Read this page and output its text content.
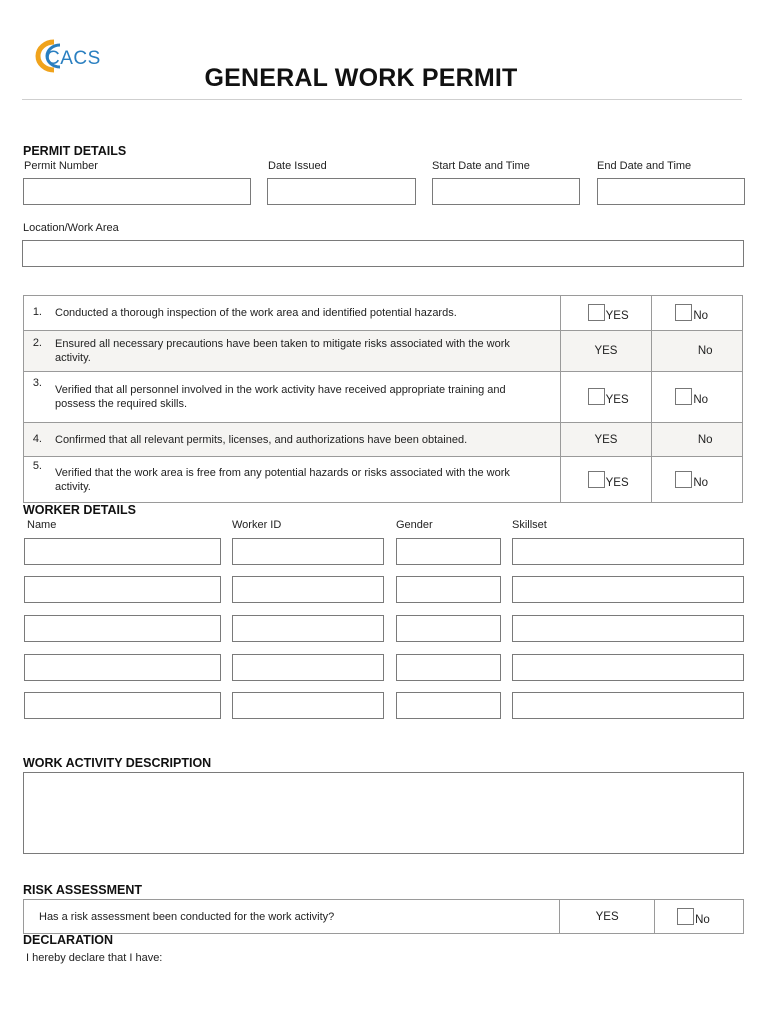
CACS
GENERAL WORK PERMIT
PERMIT DETAILS
Permit Number	Date Issued	Start Date and Time	End Date and Time
Location/Work Area
1. Conducted a thorough inspection of the work area and identified potential hazards.	YES	No
2. Ensured all necessary precautions have been taken to mitigate risks associated with the work activity.	YES	No
3.Verified that all personnel involved in the work activity have received appropriate training and possess the required skills.	YES	No
4. Confirmed that all relevant permits, licenses, and authorizations have been obtained.	YES	No
5.Verified that the work area is free from any potential hazards or risks associated with the work activity.	YES	No
WORKER DETAILS
Name	Worker ID	Gender	Skillset
WORK ACTIVITY DESCRIPTION
RISK ASSESSMENT
Has a risk assessment been conducted for the work activity?	YES	No
DECLARATION
I hereby declare that I have:
